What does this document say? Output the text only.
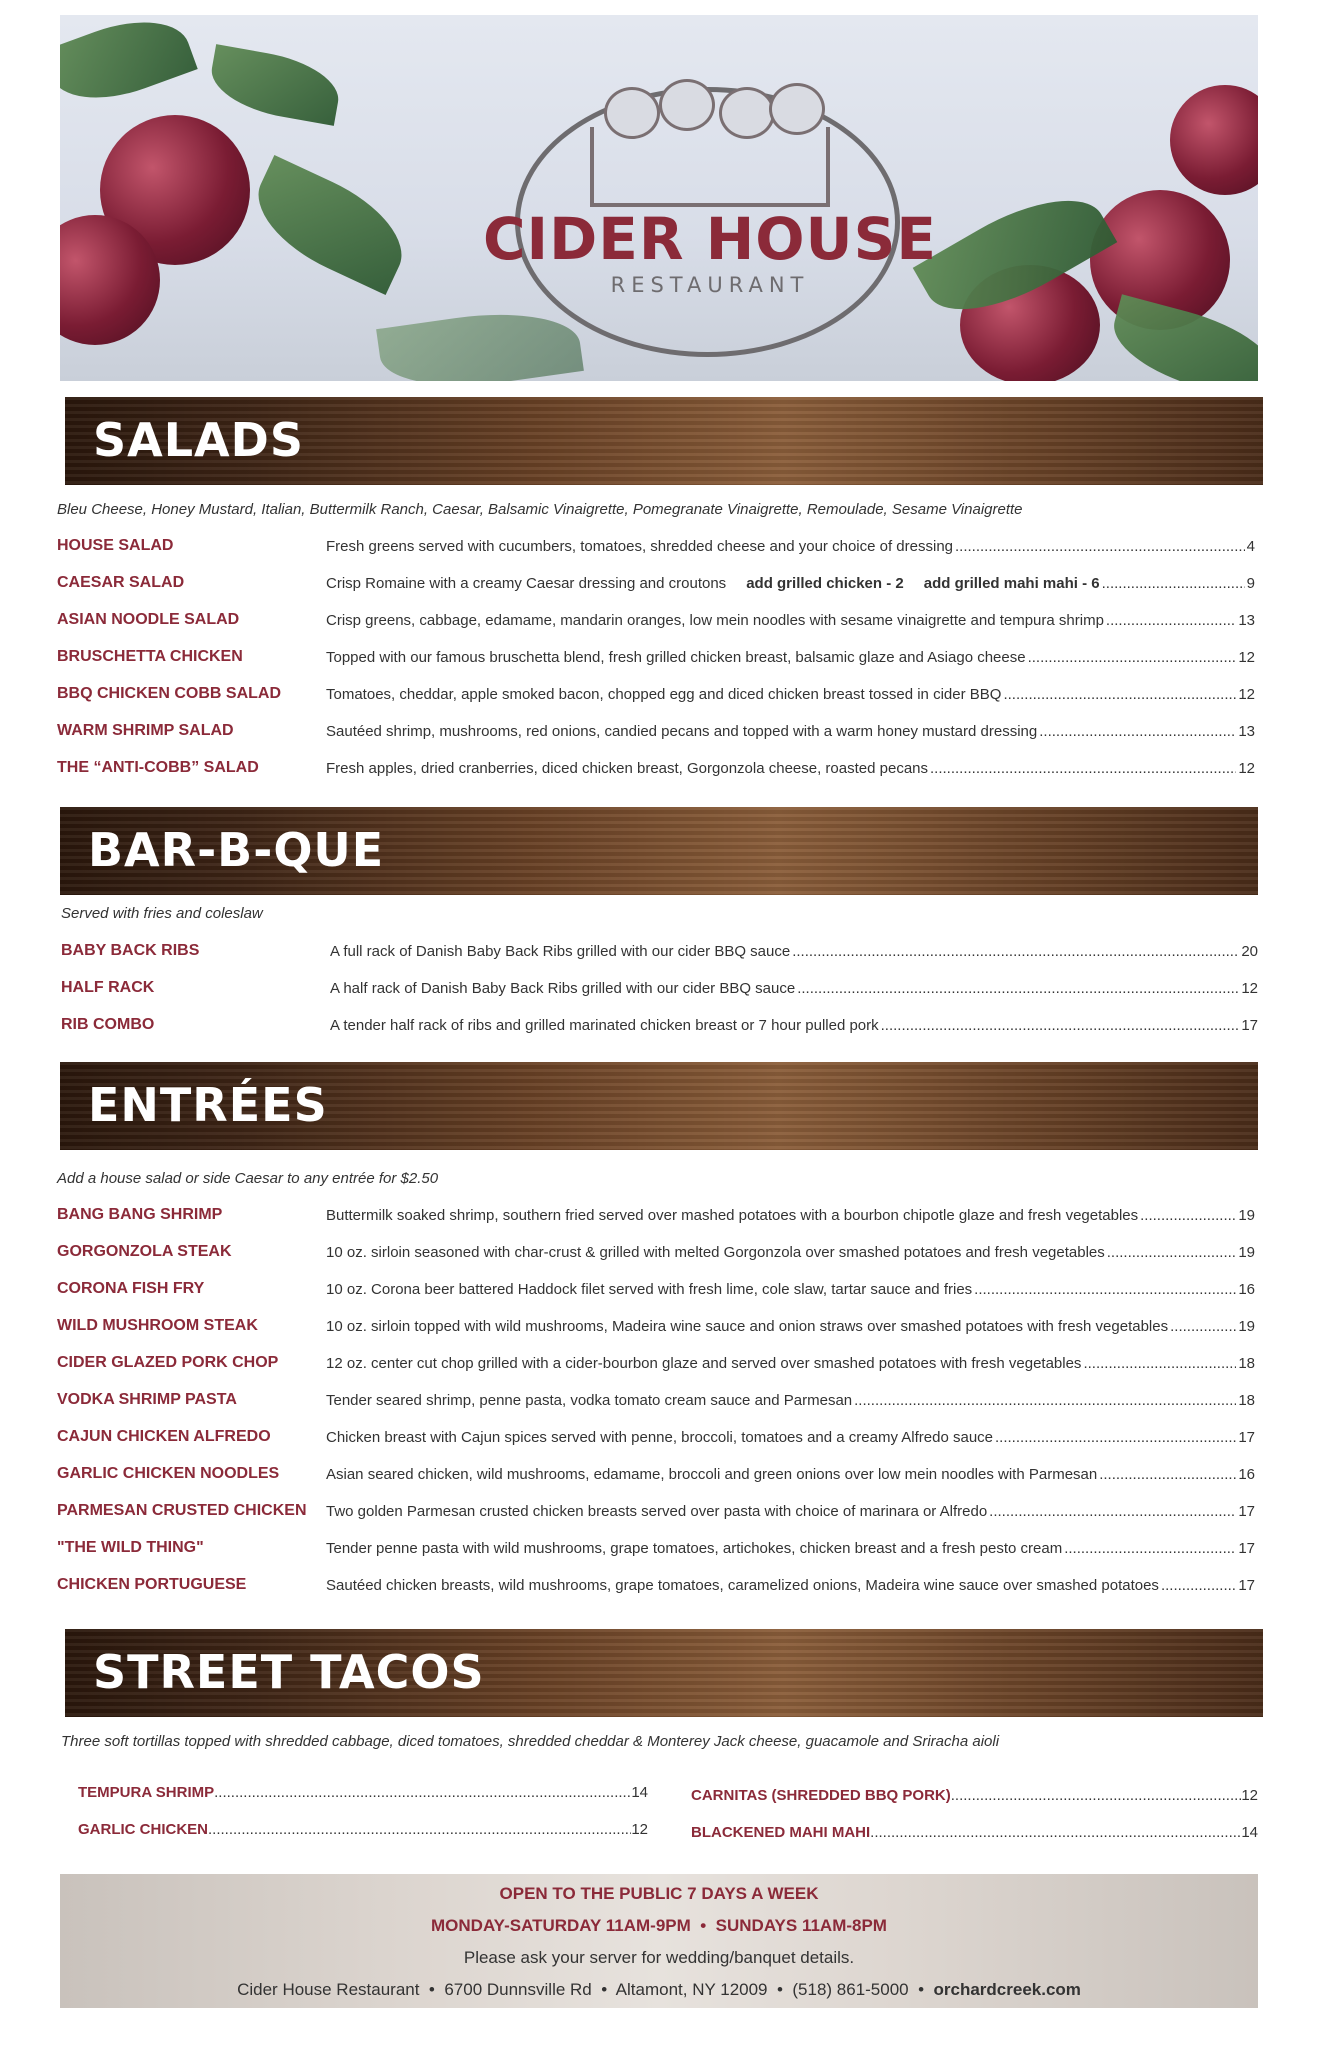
CIDER HOUSE
RESTAURANT
SALADS
Bleu Cheese, Honey Mustard, Italian, Buttermilk Ranch, Caesar, Balsamic Vinaigrette, Pomegranate Vinaigrette, Remoulade, Sesame Vinaigrette
HOUSE SALAD	Fresh greens served with cucumbers, tomatoes, shredded cheese and your choice of dressing .....	4
CAESAR SALAD	Crisp Romaine with a creamy Caesar dressing and croutons add grilled chicken - 2 add grilled mahi mahi - 6 .....	9
ASIAN NOODLE SALAD	Crisp greens, cabbage, edamame, mandarin oranges, low mein noodles with sesame vinaigrette and tempura shrimp .....	13
BRUSCHETTA CHICKEN	Topped with our famous bruschetta blend, fresh grilled chicken breast, balsamic glaze and Asiago cheese .....	12
BBQ CHICKEN COBB SALAD	Tomatoes, cheddar, apple smoked bacon, chopped egg and diced chicken breast tossed in cider BBQ .....	12
WARM SHRIMP SALAD	Sautéed shrimp, mushrooms, red onions, candied pecans and topped with a warm honey mustard dressing .....	13
THE “ANTI-COBB” SALAD	Fresh apples, dried cranberries, diced chicken breast, Gorgonzola cheese, roasted pecans .....	12
BAR-B-QUE
Served with fries and coleslaw
BABY BACK RIBS	A full rack of Danish Baby Back Ribs grilled with our cider BBQ sauce .....	20
HALF RACK	A half rack of Danish Baby Back Ribs grilled with our cider BBQ sauce .....	12
RIB COMBO	A tender half rack of ribs and grilled marinated chicken breast or 7 hour pulled pork .....	17
ENTRÉES
Add a house salad or side Caesar to any entrée for $2.50
BANG BANG SHRIMP	Buttermilk soaked shrimp, southern fried served over mashed potatoes with a bourbon chipotle glaze and fresh vegetables .....	19
GORGONZOLA STEAK	10 oz. sirloin seasoned with char-crust & grilled with melted Gorgonzola over smashed potatoes and fresh vegetables .....	19
CORONA FISH FRY	10 oz. Corona beer battered Haddock filet served with fresh lime, cole slaw, tartar sauce and fries .....	16
WILD MUSHROOM STEAK	10 oz. sirloin topped with wild mushrooms, Madeira wine sauce and onion straws over smashed potatoes with fresh vegetables .....	19
CIDER GLAZED PORK CHOP	12 oz. center cut chop grilled with a cider-bourbon glaze and served over smashed potatoes with fresh vegetables .....	18
VODKA SHRIMP PASTA	Tender seared shrimp, penne pasta, vodka tomato cream sauce and Parmesan .....	18
CAJUN CHICKEN ALFREDO	Chicken breast with Cajun spices served with penne, broccoli, tomatoes and a creamy Alfredo sauce .....	17
GARLIC CHICKEN NOODLES	Asian seared chicken, wild mushrooms, edamame, broccoli and green onions over low mein noodles with Parmesan .....	16
PARMESAN CRUSTED CHICKEN Two golden Parmesan crusted chicken breasts served over pasta with choice of marinara or Alfredo .....	17
"THE WILD THING"	Tender penne pasta with wild mushrooms, grape tomatoes, artichokes, chicken breast and a fresh pesto cream .....	17
CHICKEN PORTUGUESE	Sautéed chicken breasts, wild mushrooms, grape tomatoes, caramelized onions, Madeira wine sauce over smashed potatoes .....	17
STREET TACOS
Three soft tortillas topped with shredded cabbage, diced tomatoes, shredded cheddar & Monterey Jack cheese, guacamole and Sriracha aioli
TEMPURA SHRIMP .....	14
GARLIC CHICKEN .....	12
CARNITAS (SHREDDED BBQ PORK) .....	12
BLACKENED MAHI MAHI .....	14
OPEN TO THE PUBLIC 7 DAYS A WEEK
MONDAY-SATURDAY 11AM-9PM • SUNDAYS 11AM-8PM
Please ask your server for wedding/banquet details.
Cider House Restaurant • 6700 Dunnsville Rd • Altamont, NY 12009 • (518) 861-5000 • orchardcreek.com
